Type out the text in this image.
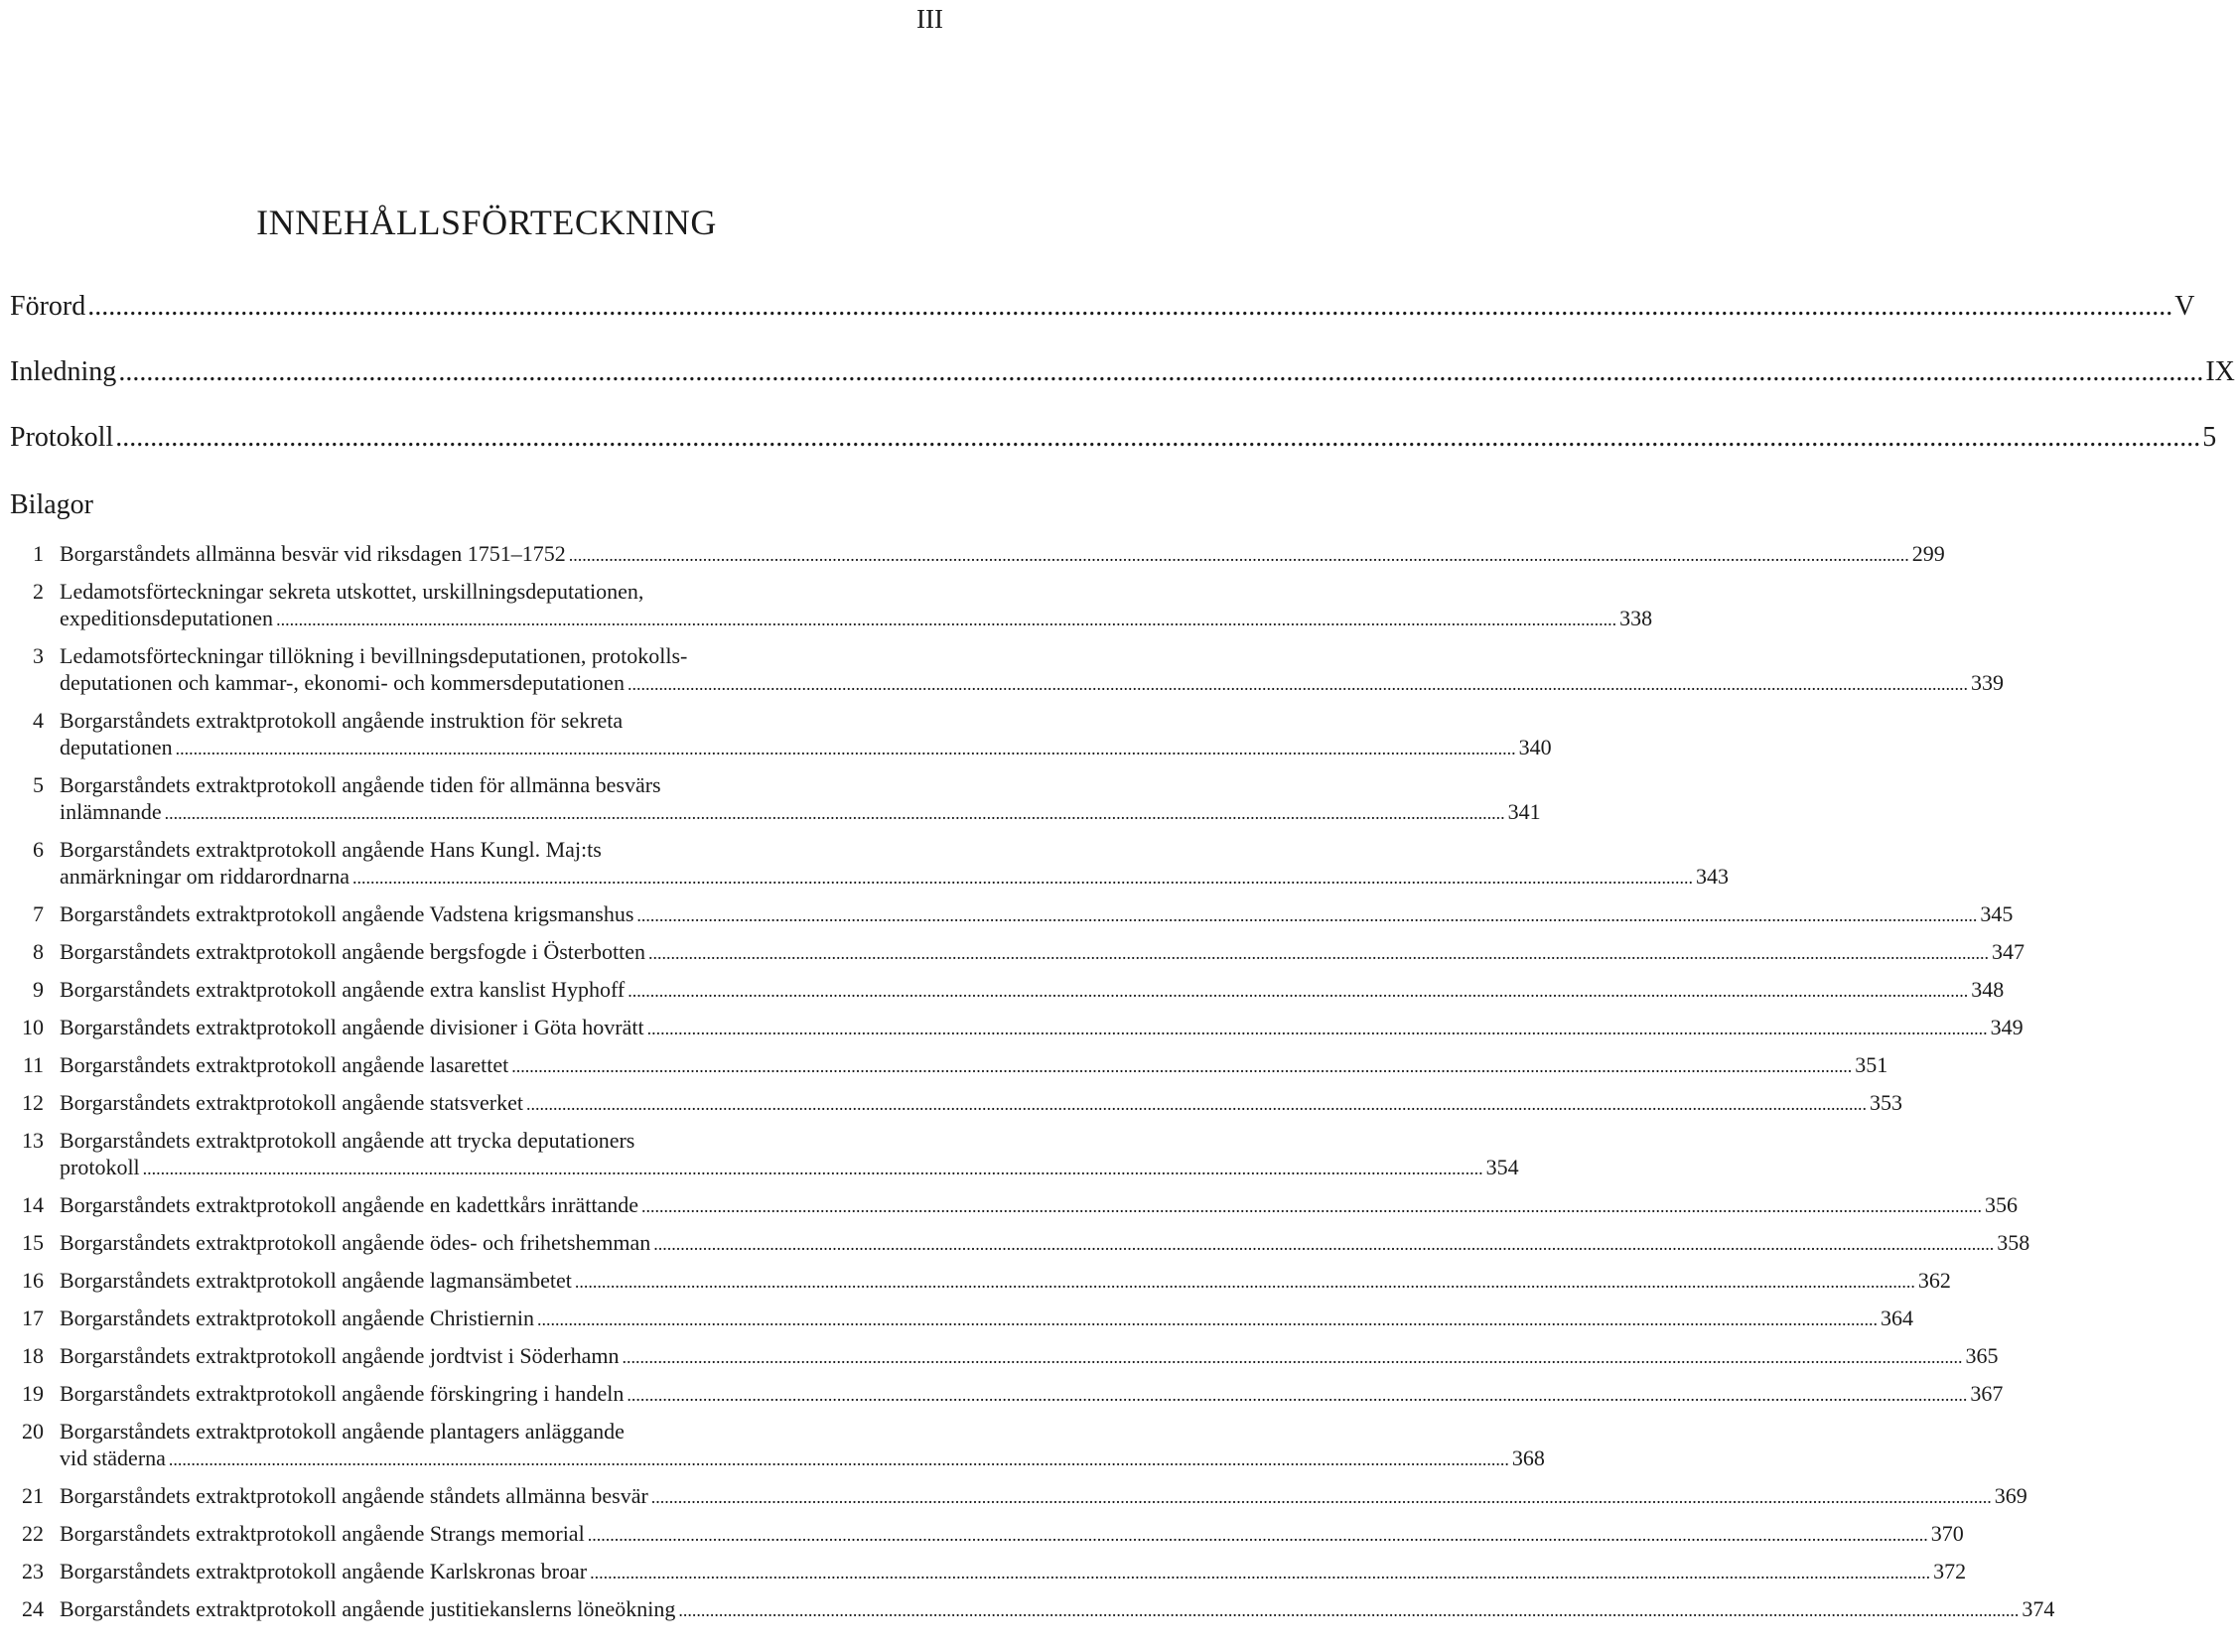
III
INNEHÅLLSFÖRTECKNING
Förord ............................................................................................................................................................................................................................................................................................................ V
Inledning ............................................................................................................................................................................................................................................................................................................ IX
Protokoll ............................................................................................................................................................................................................................................................................................................ 5
Bilagor
1 Borgarståndets allmänna besvär vid riksdagen 1751–1752 ............................................................................................................................................................................................................................................................................................................ 299
2 Ledamotsförteckningar sekreta utskottet, urskillningsdeputationen,
expeditionsdeputationen ............................................................................................................................................................................................................................................................................................................ 338
3 Ledamotsförteckningar tillökning i bevillningsdeputationen, protokolls-
deputationen och kammar-, ekonomi- och kommersdeputationen ............................................................................................................................................................................................................................................................................................................ 339
4 Borgarståndets extraktprotokoll angående instruktion för sekreta
deputationen ............................................................................................................................................................................................................................................................................................................ 340
5 Borgarståndets extraktprotokoll angående tiden för allmänna besvärs
inlämnande ............................................................................................................................................................................................................................................................................................................ 341
6 Borgarståndets extraktprotokoll angående Hans Kungl. Maj:ts
anmärkningar om riddarordnarna ............................................................................................................................................................................................................................................................................................................ 343
7 Borgarståndets extraktprotokoll angående Vadstena krigsmanshus ............................................................................................................................................................................................................................................................................................................ 345
8 Borgarståndets extraktprotokoll angående bergsfogde i Österbotten ............................................................................................................................................................................................................................................................................................................ 347
9 Borgarståndets extraktprotokoll angående extra kanslist Hyphoff ............................................................................................................................................................................................................................................................................................................ 348
10 Borgarståndets extraktprotokoll angående divisioner i Göta hovrätt ............................................................................................................................................................................................................................................................................................................ 349
11 Borgarståndets extraktprotokoll angående lasarettet ............................................................................................................................................................................................................................................................................................................ 351
12 Borgarståndets extraktprotokoll angående statsverket ............................................................................................................................................................................................................................................................................................................ 353
13 Borgarståndets extraktprotokoll angående att trycka deputationers
protokoll ............................................................................................................................................................................................................................................................................................................ 354
14 Borgarståndets extraktprotokoll angående en kadettkårs inrättande ............................................................................................................................................................................................................................................................................................................ 356
15 Borgarståndets extraktprotokoll angående ödes- och frihetshemman ............................................................................................................................................................................................................................................................................................................ 358
16 Borgarståndets extraktprotokoll angående lagmansämbetet ............................................................................................................................................................................................................................................................................................................ 362
17 Borgarståndets extraktprotokoll angående Christiernin ............................................................................................................................................................................................................................................................................................................ 364
18 Borgarståndets extraktprotokoll angående jordtvist i Söderhamn ............................................................................................................................................................................................................................................................................................................ 365
19 Borgarståndets extraktprotokoll angående förskingring i handeln ............................................................................................................................................................................................................................................................................................................ 367
20 Borgarståndets extraktprotokoll angående plantagers anläggande
vid städerna ............................................................................................................................................................................................................................................................................................................ 368
21 Borgarståndets extraktprotokoll angående ståndets allmänna besvär ............................................................................................................................................................................................................................................................................................................ 369
22 Borgarståndets extraktprotokoll angående Strangs memorial ............................................................................................................................................................................................................................................................................................................ 370
23 Borgarståndets extraktprotokoll angående Karlskronas broar ............................................................................................................................................................................................................................................................................................................ 372
24 Borgarståndets extraktprotokoll angående justitiekanslerns löneökning ............................................................................................................................................................................................................................................................................................................ 374
